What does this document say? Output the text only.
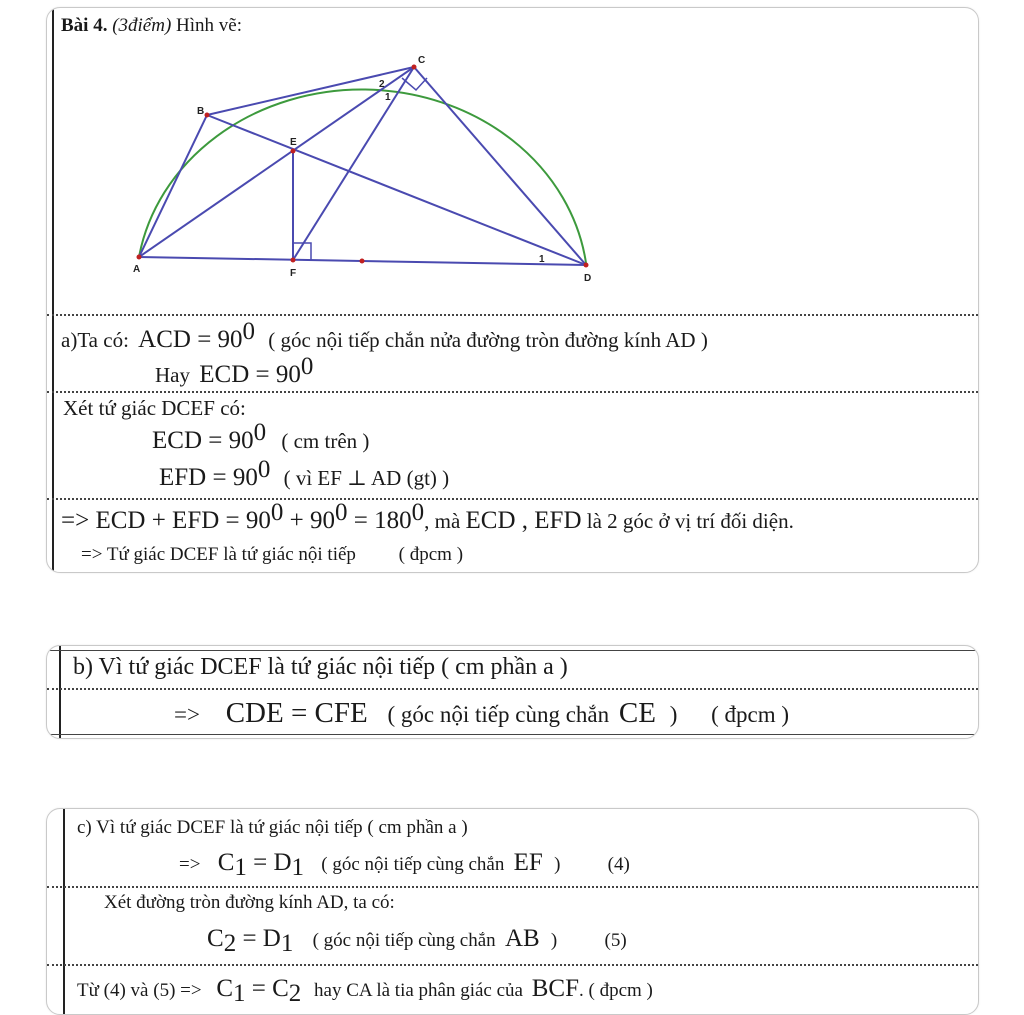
Bài 4. (3điểm) Hình vẽ:
A
B
C
D
E
F
2
1
1
a)Ta có: ACD = $90^0$ ( góc nội tiếp chắn nửa đường tròn đường kính AD )
Hay ECD = $90^0$
Xét tứ giác DCEF có:
ECD = $90^0$ ( cm trên )
EFD = $90^0$ ( vì EF ⊥ AD (gt) )
=> ECD + EFD = $90^0 + 90^0 = 180^0$, mà ECD , EFD là 2 góc ở vị trí đối diện.
=> Tứ giác DCEF là tứ giác nội tiếp ( đpcm )
b) Vì tứ giác DCEF là tứ giác nội tiếp ( cm phần a )
=> CDE = CFE ( góc nội tiếp cùng chắn CE ) ( đpcm )
c) Vì tứ giác DCEF là tứ giác nội tiếp ( cm phần a )
=> $C_1 = D_1$ ( góc nội tiếp cùng chắn EF ) (4)
Xét đường tròn đường kính AD, ta có:
$C_2 = D_1$ ( góc nội tiếp cùng chắn AB ) (5)
Từ (4) và $(5) => C_1 = C_2$ hay CA là tia phân giác của BCF. ( đpcm )
